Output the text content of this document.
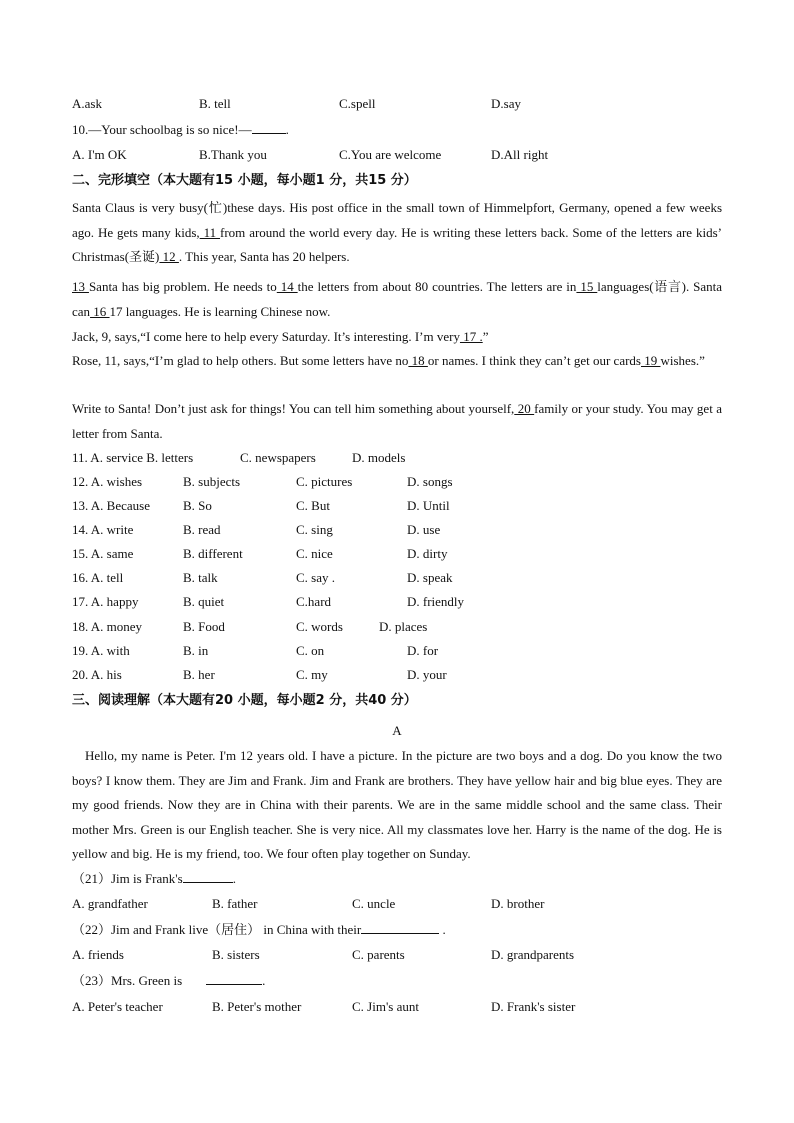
A.ask	B. tell	C.spell	D.say
10.—Your schoolbag is so nice!—	.
A. I'm OK	B.Thank you	C.You are welcome	D.All right
二、完形填空（本大题有15 小题，每小题1 分，共15 分）
Santa Claus is very busy(忙)these days. His post office in the small town of Himmelpfort, Germany, opened a few weeks ago. He gets many kids, 11 from around the world every day. He is writing these letters back. Some of the letters are kids’ Christmas(圣诞) 12 . This year, Santa has 20 helpers.
13 Santa has big problem. He needs to 14 the letters from about 80 countries. The letters are in 15 languages(语言). Santa can 16 17 languages. He is learning Chinese now.
Jack, 9, says,“I come here to help every Saturday. It’s interesting. I’m very 17 .”
Rose, 11, says,“I’m glad to help others. But some letters have no 18 or names. I think they can’t get our cards 19 wishes.”
Write to Santa! Don’t just ask for things! You can tell him something about yourself, 20 family or your study. You may get a letter from Santa.
11. A. service B. letters	C. newspapers	D. models
12. A. wishes	B. subjects	C. pictures	D. songs
13. A. Because	B. So	C. But	D. Until
14. A. write	B. read	C. sing	D. use
15. A. same	B. different	C. nice	D. dirty
16. A. tell	B. talk	C. say .	D. speak
17. A. happy	B. quiet	C.hard	D. friendly
18. A. money	B. Food	C. words	D. places
19. A. with	B. in	C. on	D. for
20. A. his	B. her	C. my	D. your
三、阅读理解（本大题有20 小题，每小题2 分，共40 分）
A
Hello, my name is Peter. I'm 12 years old. I have a picture. In the picture are two boys and a dog. Do you know the two boys? I know them. They are Jim and Frank. Jim and Frank are brothers. They have yellow hair and big blue eyes. They are my good friends. Now they are in China with their parents. We are in the same middle school and the same class. Their mother Mrs. Green is our English teacher. She is very nice. All my classmates love her. Harry is the name of the dog. He is yellow and big. He is my friend, too. We four often play together on Sunday.
（21）Jim is Frank's	.
A. grandfather	B. father	C. uncle	D. brother
（22）Jim and Frank live（居住） in China with their	.
A. friends	B. sisters	C. parents	D. grandparents
（23）Mrs. Green is	.
A. Peter's teacher	B. Peter's mother	C. Jim's aunt	D. Frank's sister
